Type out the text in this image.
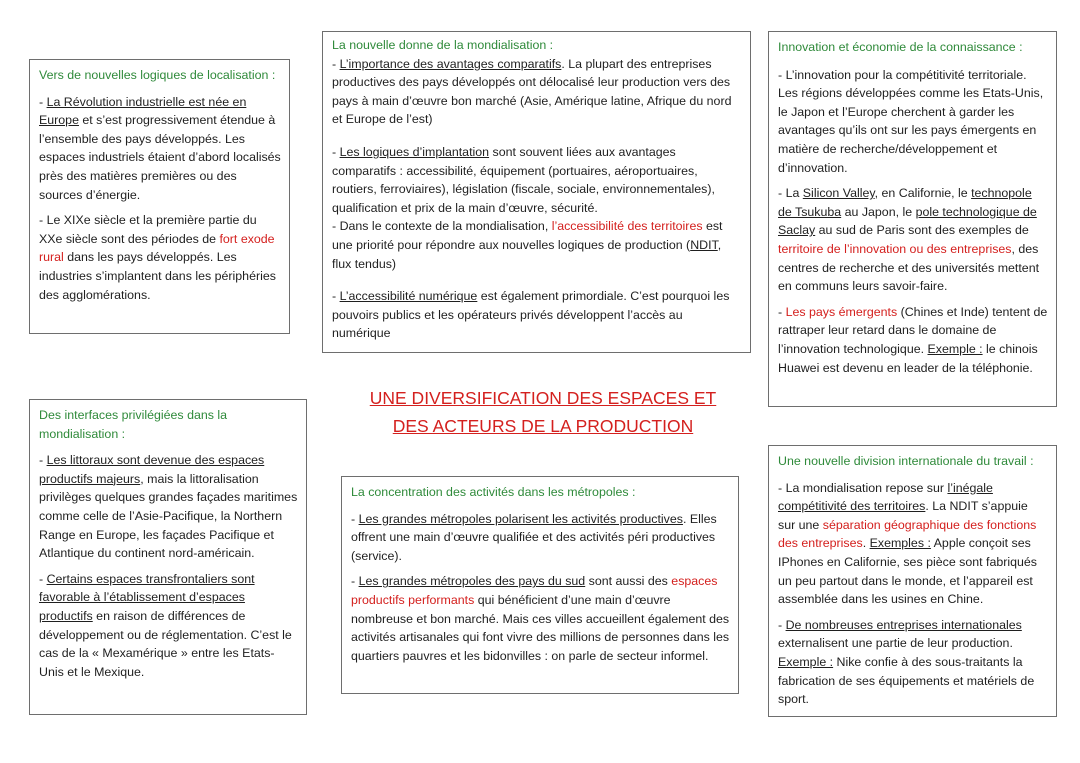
UNE DIVERSIFICATION DES ESPACES ET
DES ACTEURS DE LA PRODUCTION
Vers de nouvelles logiques de localisation :

- La Révolution industrielle est née en Europe et s’est progressivement étendue à l’ensemble des pays développés. Les espaces industriels étaient d’abord localisés près des matières premières ou des sources d’énergie.

- Le XIXe siècle et la première partie du XXe siècle sont des périodes de fort exode rural dans les pays développés. Les industries s’implantent dans les périphéries des agglomérations.

La nouvelle donne de la mondialisation :

- L’importance des avantages comparatifs. La plupart des entreprises productives des pays développés ont délocalisé leur production vers des pays à main d’œuvre bon marché (Asie, Amérique latine, Afrique du nord et Europe de l’est)

- Les logiques d’implantation sont souvent liées aux avantages comparatifs : accessibilité, équipement (portuaires, aéroportuaires, routiers, ferroviaires), législation (fiscale, sociale, environnementales), qualification et prix de la main d’œuvre, sécurité.

- Dans le contexte de la mondialisation, l’accessibilité des territoires est une priorité pour répondre aux nouvelles logiques de production (NDIT, flux tendus)

- L’accessibilité numérique est également primordiale. C’est pourquoi les pouvoirs publics et les opérateurs privés développent l’accès au numérique

Innovation et économie de la connaissance :

- L’innovation pour la compétitivité territoriale. Les régions développées comme les Etats-Unis, le Japon et l’Europe cherchent à garder les avantages qu’ils ont sur les pays émergents en matière de recherche/développement et d’innovation.

- La Silicon Valley, en Californie, le technopole de Tsukuba au Japon, le pole technologique de Saclay au sud de Paris sont des exemples de territoire de l’innovation ou des entreprises, des centres de recherche et des universités mettent en communs leurs savoir-faire.

- Les pays émergents (Chines et Inde) tentent de rattraper leur retard dans le domaine de l’innovation technologique. Exemple : le chinois Huawei est devenu en leader de la téléphonie.

Des interfaces privilégiées dans la mondialisation :

- Les littoraux sont devenue des espaces productifs majeurs, mais la littoralisation privilèges quelques grandes façades maritimes comme celle de l’Asie-Pacifique, la Northern Range en Europe, les façades Pacifique et Atlantique du continent nord-américain.

- Certains espaces transfrontaliers sont favorable à l’établissement d’espaces productifs en raison de différences de développement ou de réglementation. C’est le cas de la « Mexamérique » entre les Etats-Unis et le Mexique.

La concentration des activités dans les métropoles :

- Les grandes métropoles polarisent les activités productives. Elles offrent une main d’œuvre qualifiée et des activités péri productives (service).

- Les grandes métropoles des pays du sud sont aussi des espaces productifs performants qui bénéficient d’une main d’œuvre nombreuse et bon marché. Mais ces villes accueillent également des activités artisanales qui font vivre des millions de personnes dans les quartiers pauvres et les bidonvilles : on parle de secteur informel.

Une nouvelle division internationale du travail :

- La mondialisation repose sur l’inégale compétitivité des territoires. La NDIT s’appuie sur une séparation géographique des fonctions des entreprises. Exemples : Apple conçoit ses IPhones en Californie, ses pièce sont fabriqués un peu partout dans le monde, et l’appareil est assemblée dans les usines en Chine.

- De nombreuses entreprises internationales externalisent une partie de leur production. Exemple : Nike confie à des sous-traitants la fabrication de ses équipements et matériels de sport.
